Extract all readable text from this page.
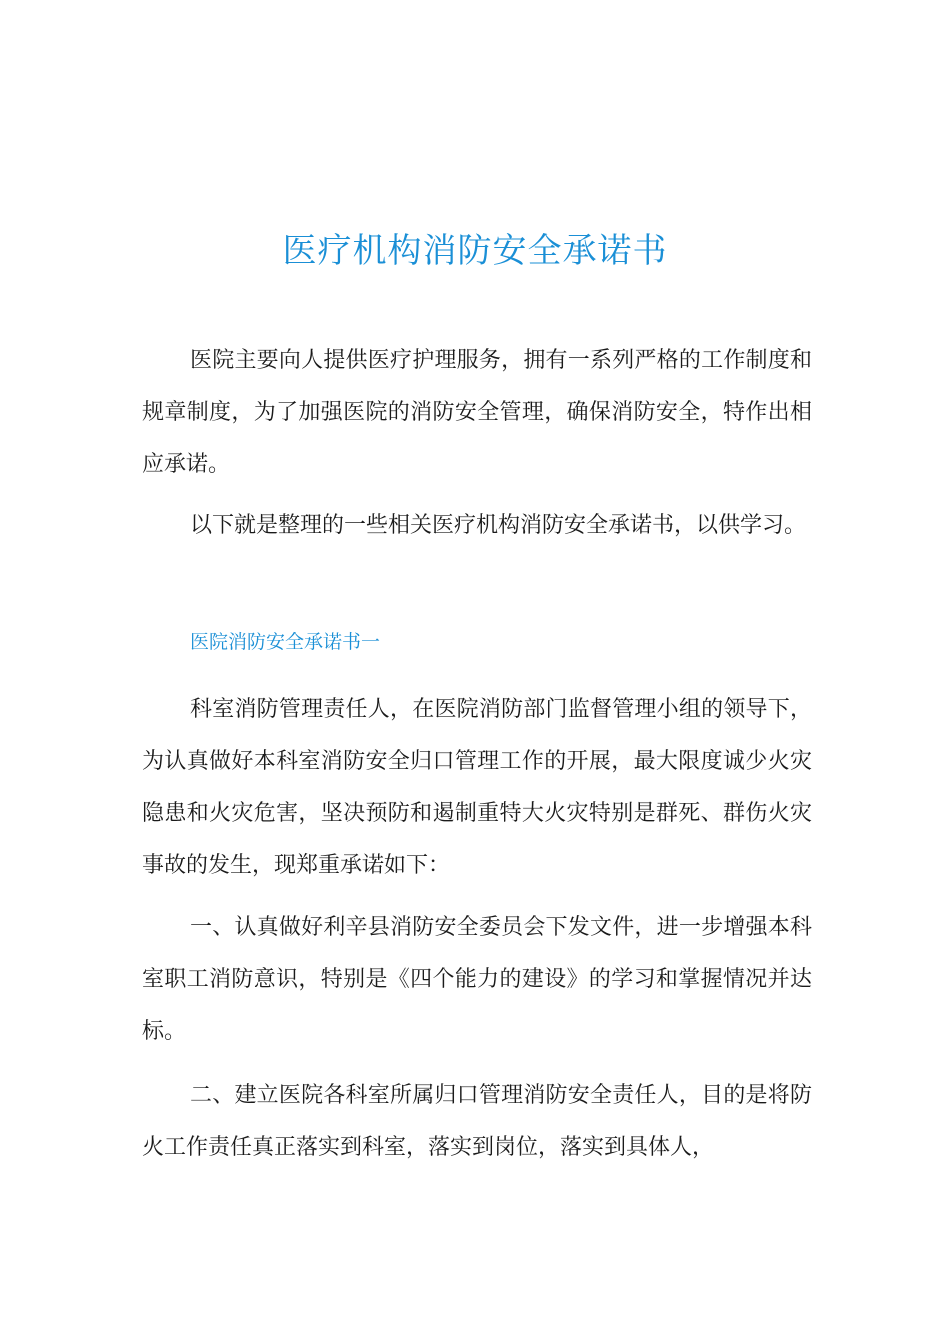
医疗机构消防安全承诺书

医院主要向人提供医疗护理服务，拥有一系列严格的工作制度和规章制度，为了加强医院的消防安全管理，确保消防安全，特作出相应承诺。

以下就是整理的一些相关医疗机构消防安全承诺书，以供学习。

医院消防安全承诺书一

科室消防管理责任人，在医院消防部门监督管理小组的领导下，为认真做好本科室消防安全归口管理工作的开展，最大限度诚少火灾隐患和火灾危害，坚决预防和遏制重特大火灾特别是群死、群伤火灾事故的发生，现郑重承诺如下：

一、认真做好利辛县消防安全委员会下发文件，进一步增强本科室职工消防意识，特别是《四个能力的建设》的学习和掌握情况并达标。

二、建立医院各科室所属归口管理消防安全责任人，目的是将防火工作责任真正落实到科室，落实到岗位，落实到具体人，
